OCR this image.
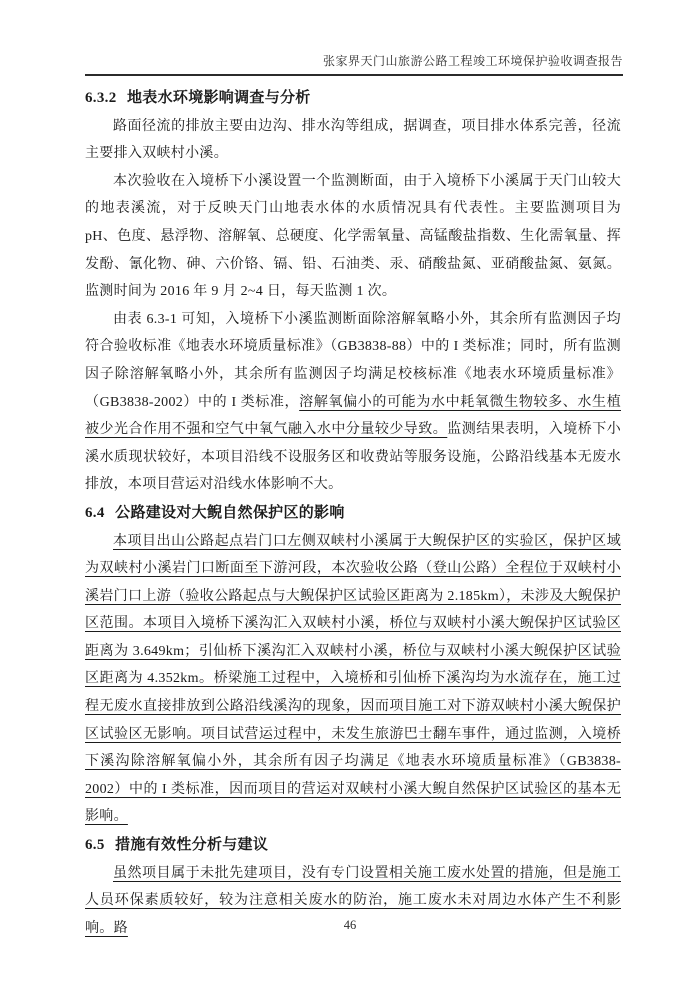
张家界天门山旅游公路工程竣工环境保护验收调查报告
6.3.2 地表水环境影响调查与分析

路面径流的排放主要由边沟、排水沟等组成，据调查，项目排水体系完善，径流主要排入双峡村小溪。

本次验收在入境桥下小溪设置一个监测断面，由于入境桥下小溪属于天门山较大的地表溪流，对于反映天门山地表水体的水质情况具有代表性。主要监测项目为 pH、色度、悬浮物、溶解氧、总硬度、化学需氧量、高锰酸盐指数、生化需氧量、挥发酚、氰化物、砷、六价铬、镉、铅、石油类、汞、硝酸盐氮、亚硝酸盐氮、氨氮。监测时间为 2016 年 9 月 2~4 日，每天监测 1 次。

由表 6.3-1 可知，入境桥下小溪监测断面除溶解氧略小外，其余所有监测因子均符合验收标准《地表水环境质量标准》（GB3838-88）中的 I 类标准；同时，所有监测因子除溶解氧略小外，其余所有监测因子均满足校核标准《地表水环境质量标准》（GB3838-2002）中的 I 类标准，溶解氧偏小的可能为水中耗氧微生物较多、水生植被少光合作用不强和空气中氧气融入水中分量较少导致。监测结果表明，入境桥下小溪水质现状较好，本项目沿线不设服务区和收费站等服务设施，公路沿线基本无废水排放，本项目营运对沿线水体影响不大。

6.4 公路建设对大鲵自然保护区的影响

本项目出山公路起点岩门口左侧双峡村小溪属于大鲵保护区的实验区，保护区域为双峡村小溪岩门口断面至下游河段，本次验收公路（登山公路）全程位于双峡村小溪岩门口上游（验收公路起点与大鲵保护区试验区距离为 2.185km），未涉及大鲵保护区范围。本项目入境桥下溪沟汇入双峡村小溪，桥位与双峡村小溪大鲵保护区试验区距离为 3.649km；引仙桥下溪沟汇入双峡村小溪，桥位与双峡村小溪大鲵保护区试验区距离为 4.352km。桥梁施工过程中，入境桥和引仙桥下溪沟均为水流存在，施工过程无废水直接排放到公路沿线溪沟的现象，因而项目施工对下游双峡村小溪大鲵保护区试验区无影响。项目试营运过程中，未发生旅游巴士翻车事件，通过监测，入境桥下溪沟除溶解氧偏小外，其余所有因子均满足《地表水环境质量标准》（GB3838-2002）中的 I 类标准，因而项目的营运对双峡村小溪大鲵自然保护区试验区的基本无影响。

6.5 措施有效性分析与建议

虽然项目属于未批先建项目，没有专门设置相关施工废水处置的措施，但是施工人员环保素质较好，较为注意相关废水的防治，施工废水未对周边水体产生不利影响。路	46
